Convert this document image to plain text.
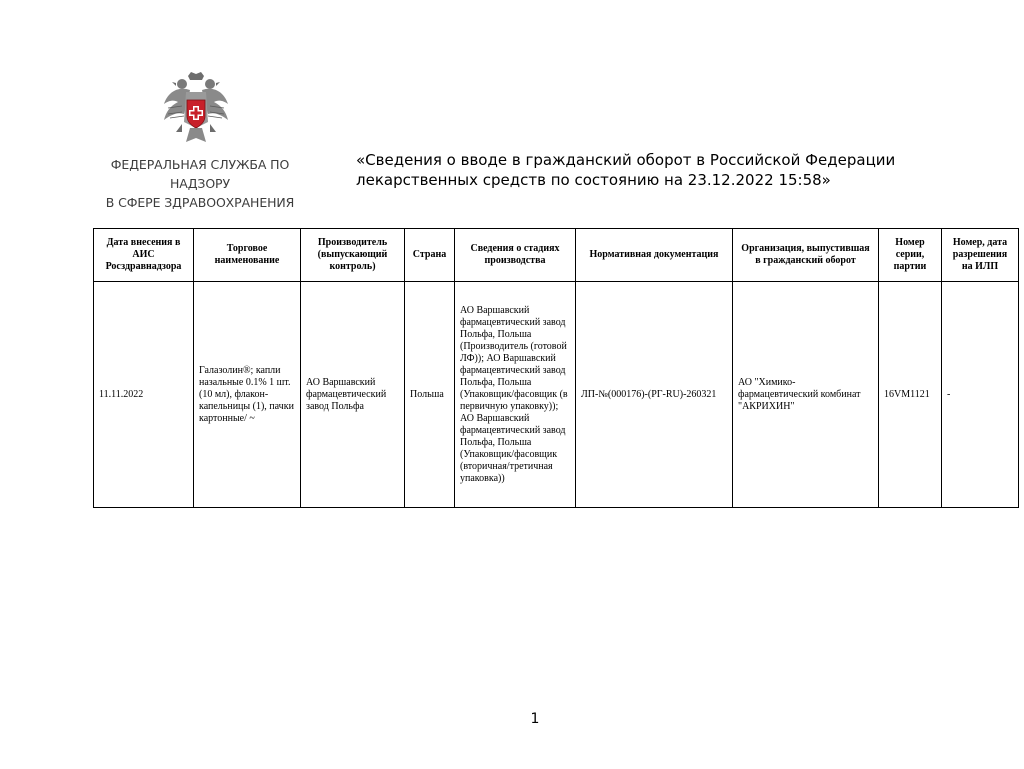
ФЕДЕРАЛЬНАЯ СЛУЖБА ПО НАДЗОРУ
В СФЕРЕ ЗДРАВООХРАНЕНИЯ
«Сведения о вводе в гражданский оборот в Российской Федерации
лекарственных средств по состоянию на 23.12.2022 15:58»
Дата внесения в АИС Росздравнадзора	Торговое наименование	Производитель (выпускающий контроль)	Страна	Сведения о стадиях производства	Нормативная документация	Организация, выпустившая в гражданский оборот	Номер серии, партии	Номер, дата разрешения на ИЛП
11.11.2022	Галазолин®; капли назальные 0.1% 1 шт. (10 мл), флакон-капельницы (1), пачки картонные/ ~	АО Варшавский фармацевтический завод Польфа	Польша	АО Варшавский фармацевтический завод Польфа, Польша (Производитель (готовой ЛФ)); АО Варшавский фармацевтический завод Польфа, Польша (Упаковщик/фасовщик (в первичную упаковку)); АО Варшавский фармацевтический завод Польфа, Польша (Упаковщик/фасовщик (вторичная/третичная упаковка))	ЛП-№(000176)-(РГ-RU)-260321	АО "Химико-фармацевтический комбинат "АКРИХИН"	16VM1121	-
1
